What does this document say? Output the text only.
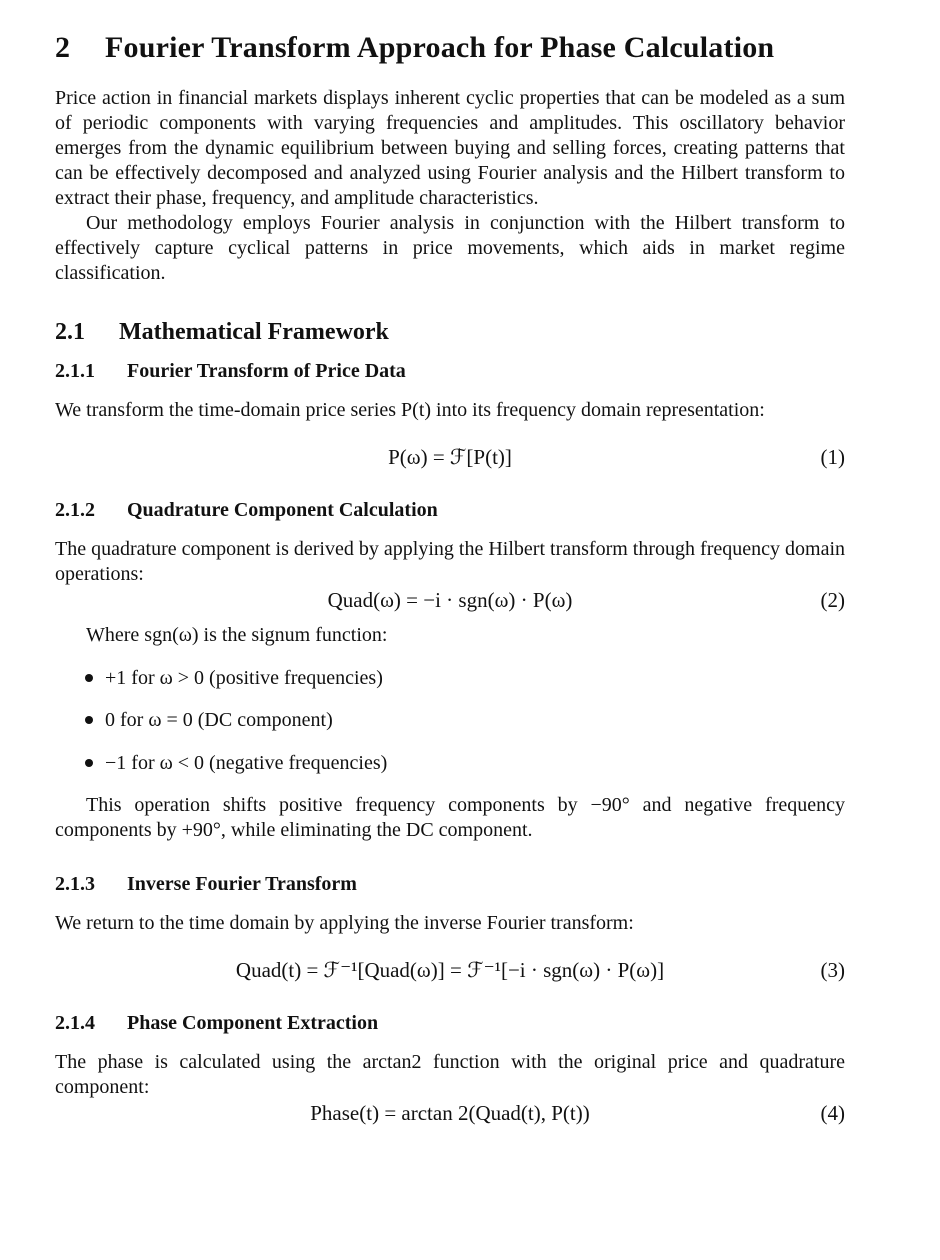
2 Fourier Transform Approach for Phase Calculation

Price action in financial markets displays inherent cyclic properties that can be modeled as a sum of periodic components with varying frequencies and amplitudes. This oscillatory behavior emerges from the dynamic equilibrium between buying and selling forces, creating patterns that can be effectively decomposed and analyzed using Fourier analysis and the Hilbert transform to extract their phase, frequency, and amplitude characteristics.

Our methodology employs Fourier analysis in conjunction with the Hilbert transform to effectively capture cyclical patterns in price movements, which aids in market regime classification.

2.1 Mathematical Framework
2.1.1 Fourier Transform of Price Data

We transform the time-domain price series P(t) into its frequency domain representation:

P(ω) = ℱ[P(t)]	(1)
2.1.2 Quadrature Component Calculation

The quadrature component is derived by applying the Hilbert transform through frequency domain operations:

Quad(ω) = −i · sgn(ω) · P(ω)	(2)

Where sgn(ω) is the signum function:

+1 for ω > 0 (positive frequencies)
0 for ω = 0 (DC component)
−1 for ω < 0 (negative frequencies)

This operation shifts positive frequency components by −90° and negative frequency components by +90°, while eliminating the DC component.

2.1.3 Inverse Fourier Transform

We return to the time domain by applying the inverse Fourier transform:

Quad(t) = ℱ⁻¹[Quad(ω)] = ℱ⁻¹[−i · sgn(ω) · P(ω)]	(3)
2.1.4 Phase Component Extraction

The phase is calculated using the arctan2 function with the original price and quadrature component:

Phase(t) = arctan 2(Quad(t), P(t))	(4)
